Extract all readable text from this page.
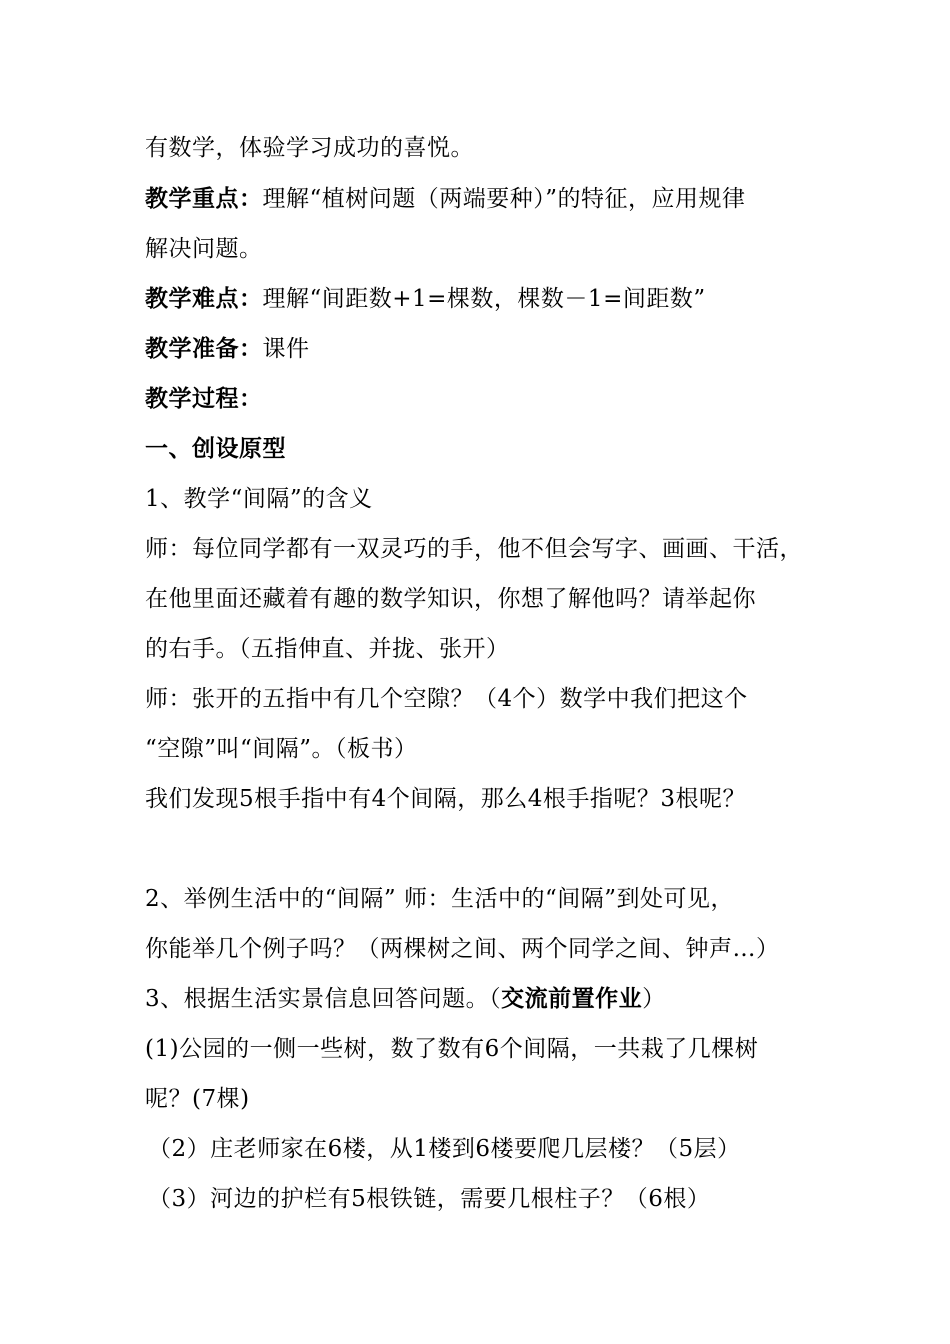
有数学，体验学习成功的喜悦。
教学重点：理解“植树问题（两端要种）”的特征，应用规律
解决问题。
教学难点：理解“间距数+1=棵数，棵数－1=间距数”
教学准备：课件
教学过程：
一、创设原型
1、教学“间隔”的含义
师：每位同学都有一双灵巧的手，他不但会写字、画画、干活，
在他里面还藏着有趣的数学知识，你想了解他吗？请举起你
的右手。（五指伸直、并拢、张开）
师：张开的五指中有几个空隙？（4个）数学中我们把这个
“空隙”叫“间隔”。（板书）
我们发现5根手指中有4个间隔，那么4根手指呢？3根呢？
2、举例生活中的“间隔” 师：生活中的“间隔”到处可见，
你能举几个例子吗？（两棵树之间、两个同学之间、钟声…）
3、根据生活实景信息回答问题。（交流前置作业）
(1)公园的一侧一些树，数了数有6个间隔，一共栽了几棵树
呢？(7棵)
（2）庄老师家在6楼，从1楼到6楼要爬几层楼？（5层）
（3）河边的护栏有5根铁链，需要几根柱子？（6根）
